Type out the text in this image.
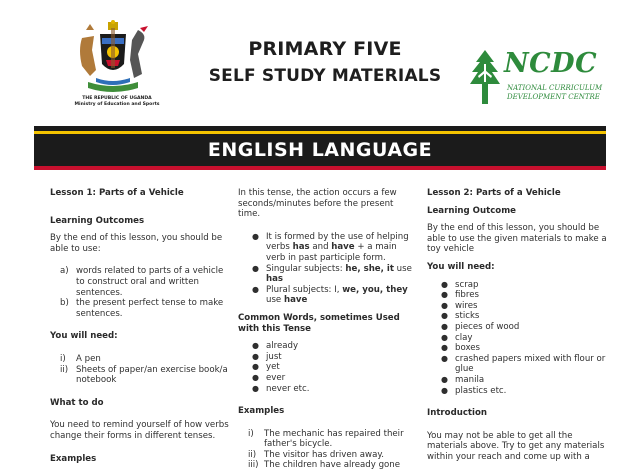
THE REPUBLIC OF UGANDA
Ministry of Education and Sports
PRIMARY FIVE
SELF STUDY MATERIALS	NCDC
NATIONAL CURRICULUM
DEVELOPMENT CENTRE
ENGLISH LANGUAGE
Lesson 1: Parts of a Vehicle
Learning Outcomes
By the end of this lesson, you should be able to use:
a) words related to parts of a vehicle to construct oral and written sentences.
b) the present perfect tense to make sentences.
You will need:
i)	A pen
ii) Sheets of paper/an exercise book/a notebook
What to do
You need to remind yourself of how verbs change their forms in different tenses.
Examples
In this tense, the action occurs a few seconds/minutes before the present time.
● It is formed by the use of helping verbs has and have + a main verb in past participle form.
● Singular subjects: he, she, it use has
● Plural subjects: I, we, you, they use have
Common Words, sometimes Used with this Tense
● already
● just
● yet
● ever
● never etc.
Examples
i)	The mechanic has repaired their father's bicycle.
ii) The visitor has driven away.
iii) The children have already gone
Lesson 2: Parts of a Vehicle
Learning Outcome
By the end of this lesson, you should be able to use the given materials to make a toy vehicle
You will need:
● scrap
● fibres
● wires
● sticks
● pieces of wood
● clay
● boxes
● crashed papers mixed with flour or glue
● manila
● plastics etc.
Introduction
You may not be able to get all the materials above. Try to get any materials within your reach and come up with a
